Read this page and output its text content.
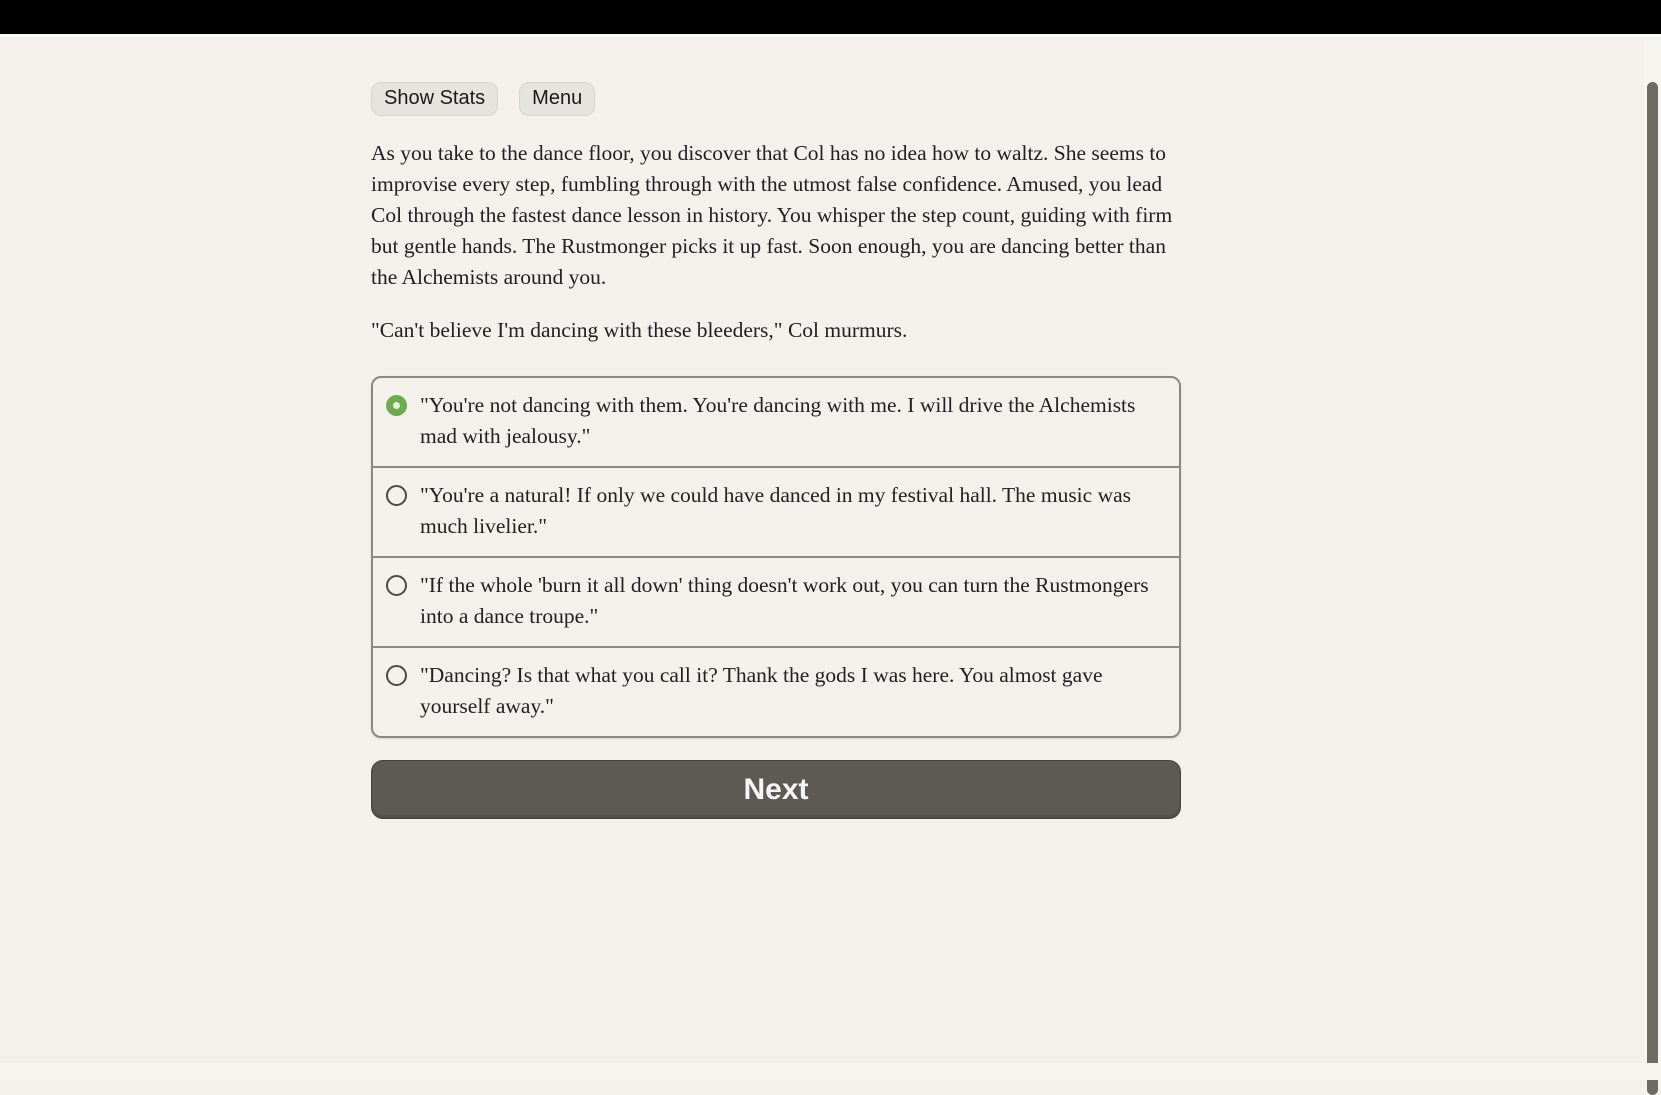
Show Stats	Menu

As you take to the dance floor, you discover that Col has no idea how to waltz. She seems to improvise every step, fumbling through with the utmost false confidence. Amused, you lead Col through the fastest dance lesson in history. You whisper the step count, guiding with firm but gentle hands. The Rustmonger picks it up fast. Soon enough, you are dancing better than the Alchemists around you.

"Can't believe I'm dancing with these bleeders," Col murmurs.

"You're not dancing with them. You're dancing with me. I will drive the Alchemists mad with jealousy."
"You're a natural! If only we could have danced in my festival hall. The music was much livelier."
"If the whole 'burn it all down' thing doesn't work out, you can turn the Rustmongers into a dance troupe."
"Dancing? Is that what you call it? Thank the gods I was here. You almost gave yourself away."
Next
